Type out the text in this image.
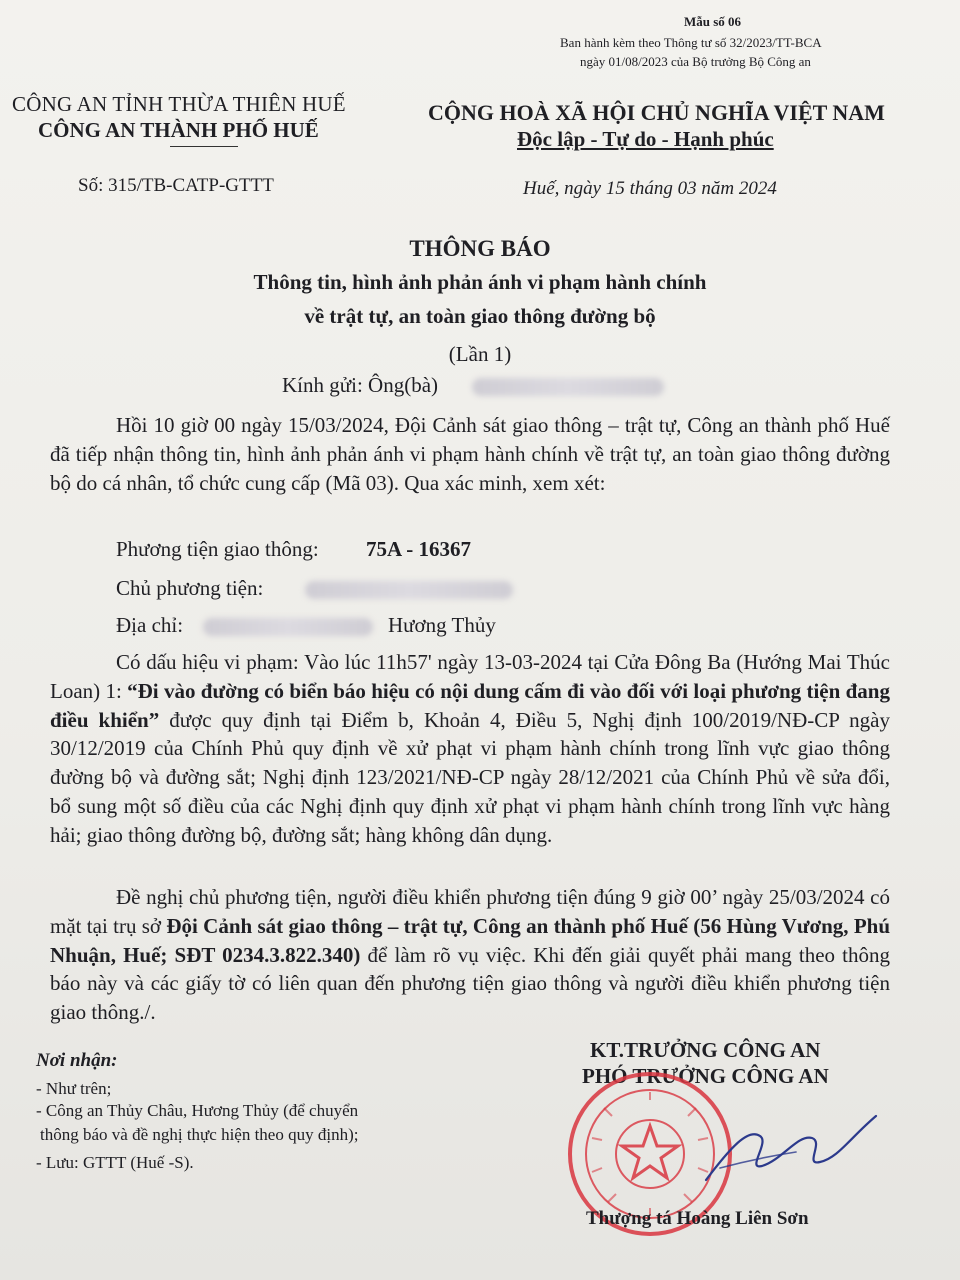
Mẫu số 06
Ban hành kèm theo Thông tư số 32/2023/TT-BCA
ngày 01/08/2023 của Bộ trưởng Bộ Công an
CÔNG AN TỈNH THỪA THIÊN HUẾ
CÔNG AN THÀNH PHỐ HUẾ
CỘNG HOÀ XÃ HỘI CHỦ NGHĨA VIỆT NAM
Độc lập - Tự do - Hạnh phúc
Số: 315/TB-CATP-GTTT	Huế, ngày 15 tháng 03 năm 2024
THÔNG BÁO
Thông tin, hình ảnh phản ánh vi phạm hành chính
về trật tự, an toàn giao thông đường bộ
(Lần 1)
Kính gửi: Ông(bà)
Hồi 10 giờ 00 ngày 15/03/2024, Đội Cảnh sát giao thông – trật tự, Công an thành phố Huế đã tiếp nhận thông tin, hình ảnh phản ánh vi phạm hành chính về trật tự, an toàn giao thông đường bộ do cá nhân, tổ chức cung cấp (Mã 03). Qua xác minh, xem xét:
Phương tiện giao thông: 75A - 16367
Chủ phương tiện:
Địa chỉ:	Hương Thủy
Có dấu hiệu vi phạm: Vào lúc 11h57' ngày 13-03-2024 tại Cửa Đông Ba (Hướng Mai Thúc Loan) 1: “Đi vào đường có biển báo hiệu có nội dung cấm đi vào đối với loại phương tiện đang điều khiển” được quy định tại Điểm b, Khoản 4, Điều 5, Nghị định 100/2019/NĐ-CP ngày 30/12/2019 của Chính Phủ quy định về xử phạt vi phạm hành chính trong lĩnh vực giao thông đường bộ và đường sắt; Nghị định 123/2021/NĐ-CP ngày 28/12/2021 của Chính Phủ về sửa đổi, bổ sung một số điều của các Nghị định quy định xử phạt vi phạm hành chính trong lĩnh vực hàng hải; giao thông đường bộ, đường sắt; hàng không dân dụng.
Đề nghị chủ phương tiện, người điều khiển phương tiện đúng 9 giờ 00’ ngày 25/03/2024 có mặt tại trụ sở Đội Cảnh sát giao thông – trật tự, Công an thành phố Huế (56 Hùng Vương, Phú Nhuận, Huế; SĐT 0234.3.822.340) để làm rõ vụ việc. Khi đến giải quyết phải mang theo thông báo này và các giấy tờ có liên quan đến phương tiện giao thông và người điều khiển phương tiện giao thông./.
Nơi nhận:
- Như trên;
- Công an Thủy Châu, Hương Thủy (để chuyển
thông báo và đề nghị thực hiện theo quy định);
- Lưu: GTTT (Huế -S).
KT.TRƯỞNG CÔNG AN
PHÓ TRƯỞNG CÔNG AN
Thượng tá Hoàng Liên Sơn
